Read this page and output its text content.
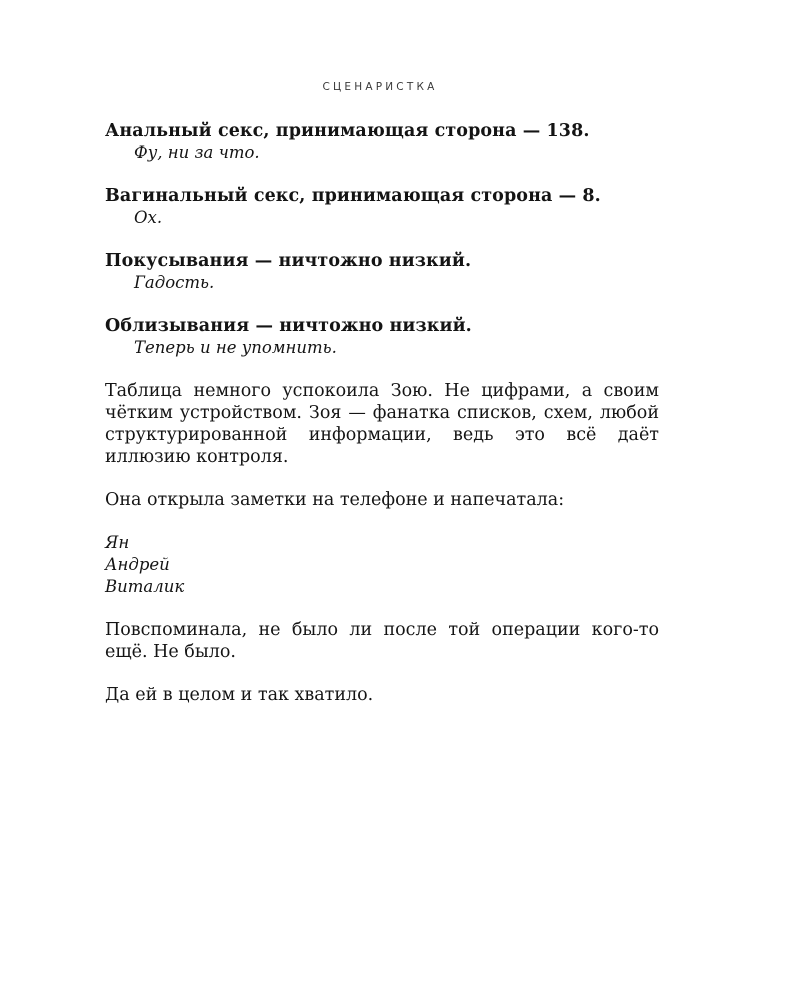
СЦЕНАРИСТКА
Анальный секс, принимающая сторона — 138.
Фу, ни за что.
Вагинальный секс, принимающая сторона — 8.
Ох.
Покусывания — ничтожно низкий.
Гадость.
Облизывания — ничтожно низкий.
Теперь и не упомнить.

Таблица немного успокоила Зою. Не цифрами, а своим чётким устройством. Зоя — фанатка списков, схем, любой структурированной информации, ведь это всё даёт иллюзию контроля.

Она открыла заметки на телефоне и напечатала:

Ян
Андрей
Виталик

Повспоминала, не было ли после той операции кого-то ещё. Не было.

Да ей в целом и так хватило.
